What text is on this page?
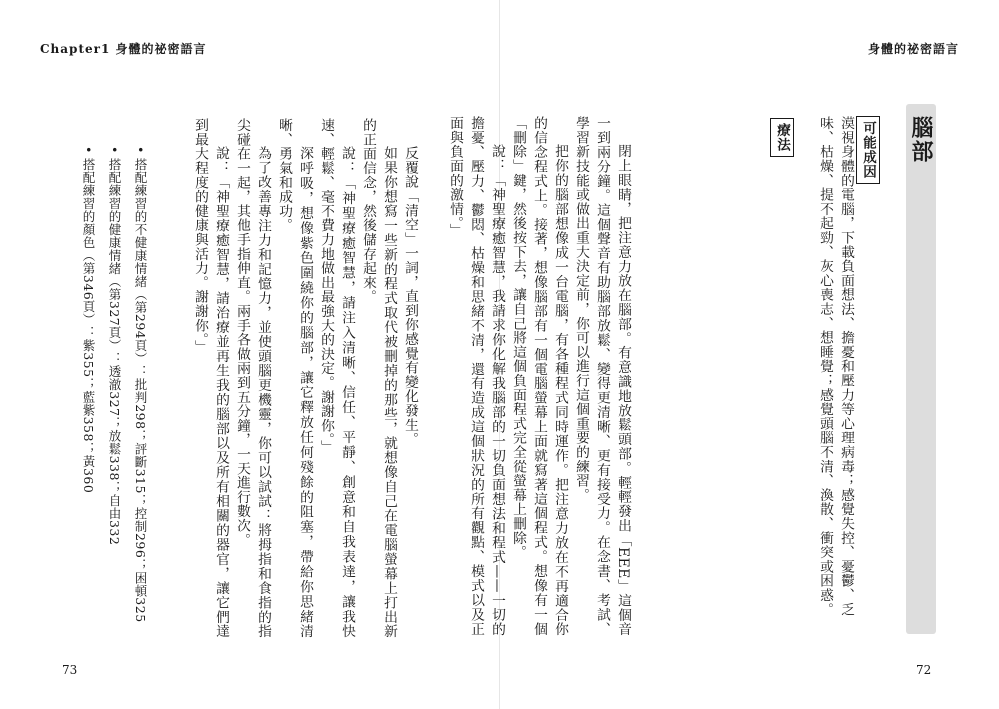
Chapter1 身體的祕密語言

反覆說「清空」一詞，直到你感覺有變化發生。

如果你想寫一些新的程式取代被刪掉的那些，就想像自己在電腦螢幕上打出新的正面信念，然後儲存起來。

說：「神聖療癒智慧，請注入清晰、信任、平靜、創意和自我表達，讓我快速、輕鬆、毫不費力地做出最強大的決定。謝謝你。」

深呼吸，想像紫色圍繞你的腦部，讓它釋放任何殘餘的阻塞，帶給你思緒清晰、勇氣和成功。

為了改善專注力和記憶力，並使頭腦更機靈，你可以試試：將拇指和食指的指尖碰在一起，其他手指伸直。兩手各做兩到五分鐘，一天進行數次。

說：「神聖療癒智慧，請治療並再生我的腦部以及所有相關的器官，讓它們達到最大程度的健康與活力。謝謝你。」

• 搭配練習的不健康情緒（第294頁）：批判298；評斷315；控制296；困頓325
• 搭配練習的健康情緒（第327頁）：透澈327；放鬆338；自由332
• 搭配練習的顏色（第346頁）：紫355；藍紫358；黃360
73
身體的祕密語言
腦部
可能成因
漠視身體的電腦，下載負面想法、擔憂和壓力等心理病毒；感覺失控、憂鬱、乏味、枯燥、提不起勁、灰心喪志、想睡覺；感覺頭腦不清、渙散、衝突或困惑。
療法

閉上眼睛，把注意力放在腦部。有意識地放鬆頭部。輕輕發出「EEE」這個音一到兩分鐘。這個聲音有助腦部放鬆、變得更清晰、更有接受力。在念書、考試、學習新技能或做出重大決定前，你可以進行這個重要的練習。

把你的腦部想像成一台電腦，有各種程式同時運作。把注意力放在不再適合你的信念程式上。接著，想像腦部有一個電腦螢幕上面就寫著這個程式。想像有一個「刪除」鍵，然後按下去，讓自己將這個負面程式完全從螢幕上刪除。

說：「神聖療癒智慧，我請求你化解我腦部的一切負面想法和程式——一切的擔憂、壓力、鬱悶、枯燥和思緒不清，還有造成這個狀況的所有觀點、模式以及正面與負面的激情。」

72
